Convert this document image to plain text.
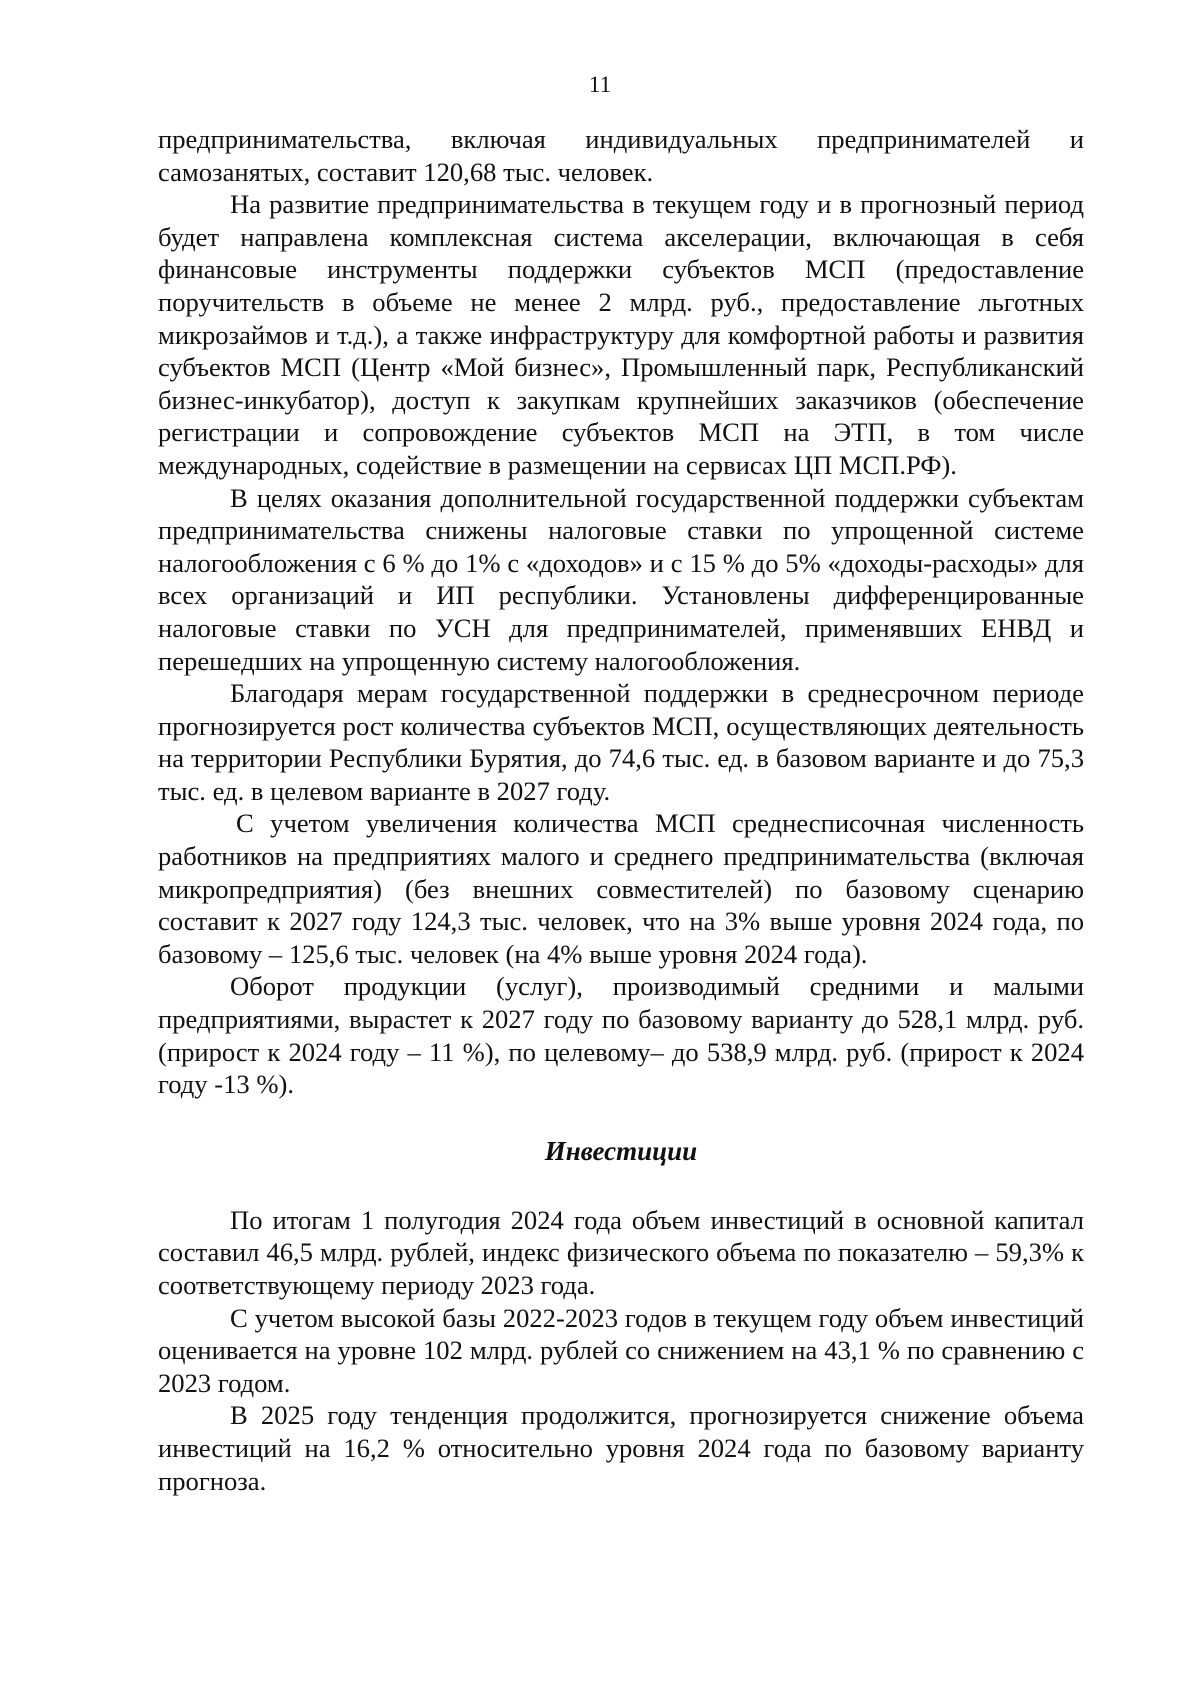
11

предпринимательства, включая индивидуальных предпринимателей и самозанятых, составит 120,68 тыс. человек.

На развитие предпринимательства в текущем году и в прогнозный период будет направлена комплексная система акселерации, включающая в себя финансовые инструменты поддержки субъектов МСП (предоставление поручительств в объеме не менее 2 млрд. руб., предоставление льготных микрозаймов и т.д.), а также инфраструктуру для комфортной работы и развития субъектов МСП (Центр «Мой бизнес», Промышленный парк, Республиканский бизнес-инкубатор), доступ к закупкам крупнейших заказчиков (обеспечение регистрации и сопровождение субъектов МСП на ЭТП, в том числе международных, содействие в размещении на сервисах ЦП МСП.РФ).

В целях оказания дополнительной государственной поддержки субъектам предпринимательства снижены налоговые ставки по упрощенной системе налогообложения с 6 % до 1% с «доходов» и с 15 % до 5% «доходы-расходы» для всех организаций и ИП республики. Установлены дифференцированные налоговые ставки по УСН для предпринимателей, применявших ЕНВД и перешедших на упрощенную систему налогообложения.

Благодаря мерам государственной поддержки в среднесрочном периоде прогнозируется рост количества субъектов МСП, осуществляющих деятельность на территории Республики Бурятия, до 74,6 тыс. ед. в базовом варианте и до 75,3 тыс. ед. в целевом варианте в 2027 году.

С учетом увеличения количества МСП среднесписочная численность работников на предприятиях малого и среднего предпринимательства (включая микропредприятия) (без внешних совместителей) по базовому сценарию составит к 2027 году 124,3 тыс. человек, что на 3% выше уровня 2024 года, по базовому – 125,6 тыс. человек (на 4% выше уровня 2024 года).

Оборот продукции (услуг), производимый средними и малыми предприятиями, вырастет к 2027 году по базовому варианту до 528,1 млрд. руб. (прирост к 2024 году – 11 %), по целевому– до 538,9 млрд. руб. (прирост к 2024 году -13 %).

Инвестиции

По итогам 1 полугодия 2024 года объем инвестиций в основной капитал составил 46,5 млрд. рублей, индекс физического объема по показателю – 59,3% к соответствующему периоду 2023 года.

С учетом высокой базы 2022-2023 годов в текущем году объем инвестиций оценивается на уровне 102 млрд. рублей со снижением на 43,1 % по сравнению с 2023 годом.

В 2025 году тенденция продолжится, прогнозируется снижение объема инвестиций на 16,2 % относительно уровня 2024 года по базовому варианту прогноза.
